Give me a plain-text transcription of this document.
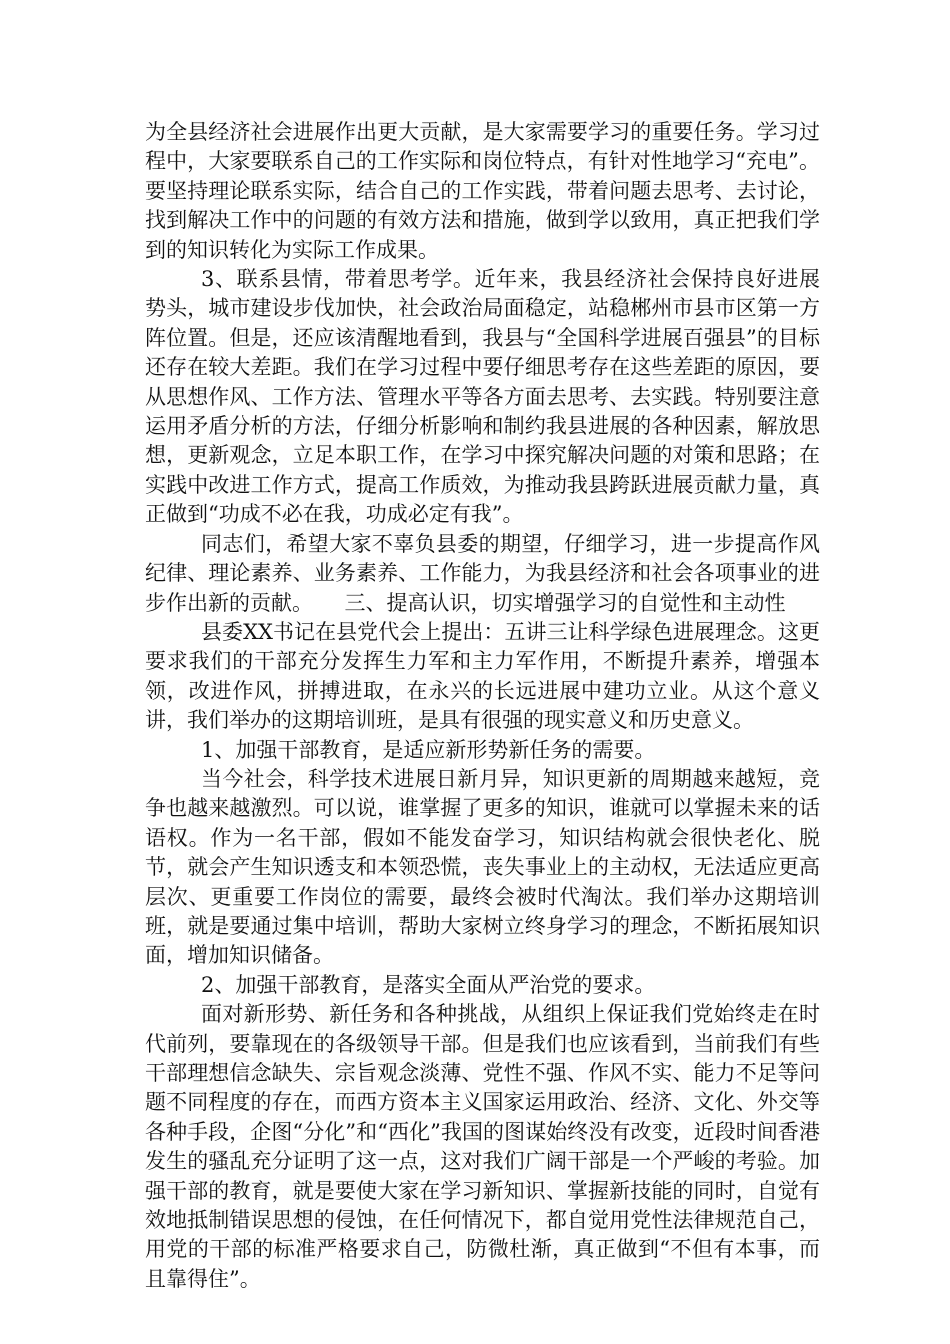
为全县经济社会进展作出更大贡献，是大家需要学习的重要任务。学习过程中，大家要联系自己的工作实际和岗位特点，有针对性地学习“充电”。要坚持理论联系实际，结合自己的工作实践，带着问题去思考、去讨论，找到解决工作中的问题的有效方法和措施，做到学以致用，真正把我们学到的知识转化为实际工作成果。

3、联系县情，带着思考学。近年来，我县经济社会保持良好进展势头，城市建设步伐加快，社会政治局面稳定，站稳郴州市县市区第一方阵位置。但是，还应该清醒地看到，我县与“全国科学进展百强县”的目标还存在较大差距。我们在学习过程中要仔细思考存在这些差距的原因，要从思想作风、工作方法、管理水平等各方面去思考、去实践。特别要注意运用矛盾分析的方法，仔细分析影响和制约我县进展的各种因素，解放思想，更新观念，立足本职工作，在学习中探究解决问题的对策和思路；在实践中改进工作方式，提高工作质效，为推动我县跨跃进展贡献力量，真正做到“功成不必在我，功成必定有我”。

同志们，希望大家不辜负县委的期望，仔细学习，进一步提高作风纪律、理论素养、业务素养、工作能力，为我县经济和社会各项事业的进步作出新的贡献。　　三、提高认识，切实增强学习的自觉性和主动性

县委XX书记在县党代会上提出：五讲三让科学绿色进展理念。这更要求我们的干部充分发挥生力军和主力军作用，不断提升素养，增强本领，改进作风，拼搏进取，在永兴的长远进展中建功立业。从这个意义讲，我们举办的这期培训班，是具有很强的现实意义和历史意义。

1、加强干部教育，是适应新形势新任务的需要。

当今社会，科学技术进展日新月异，知识更新的周期越来越短，竞争也越来越激烈。可以说，谁掌握了更多的知识，谁就可以掌握未来的话语权。作为一名干部，假如不能发奋学习，知识结构就会很快老化、脱节，就会产生知识透支和本领恐慌，丧失事业上的主动权，无法适应更高层次、更重要工作岗位的需要，最终会被时代淘汰。我们举办这期培训班，就是要通过集中培训，帮助大家树立终身学习的理念，不断拓展知识面，增加知识储备。

2、加强干部教育，是落实全面从严治党的要求。

面对新形势、新任务和各种挑战，从组织上保证我们党始终走在时代前列，要靠现在的各级领导干部。但是我们也应该看到，当前我们有些干部理想信念缺失、宗旨观念淡薄、党性不强、作风不实、能力不足等问题不同程度的存在，而西方资本主义国家运用政治、经济、文化、外交等各种手段，企图“分化”和“西化”我国的图谋始终没有改变，近段时间香港发生的骚乱充分证明了这一点，这对我们广阔干部是一个严峻的考验。加强干部的教育，就是要使大家在学习新知识、掌握新技能的同时，自觉有效地抵制错误思想的侵蚀，在任何情况下，都自觉用党性法律规范自己，用党的干部的标准严格要求自己，防微杜渐，真正做到“不但有本事，而且靠得住”。
